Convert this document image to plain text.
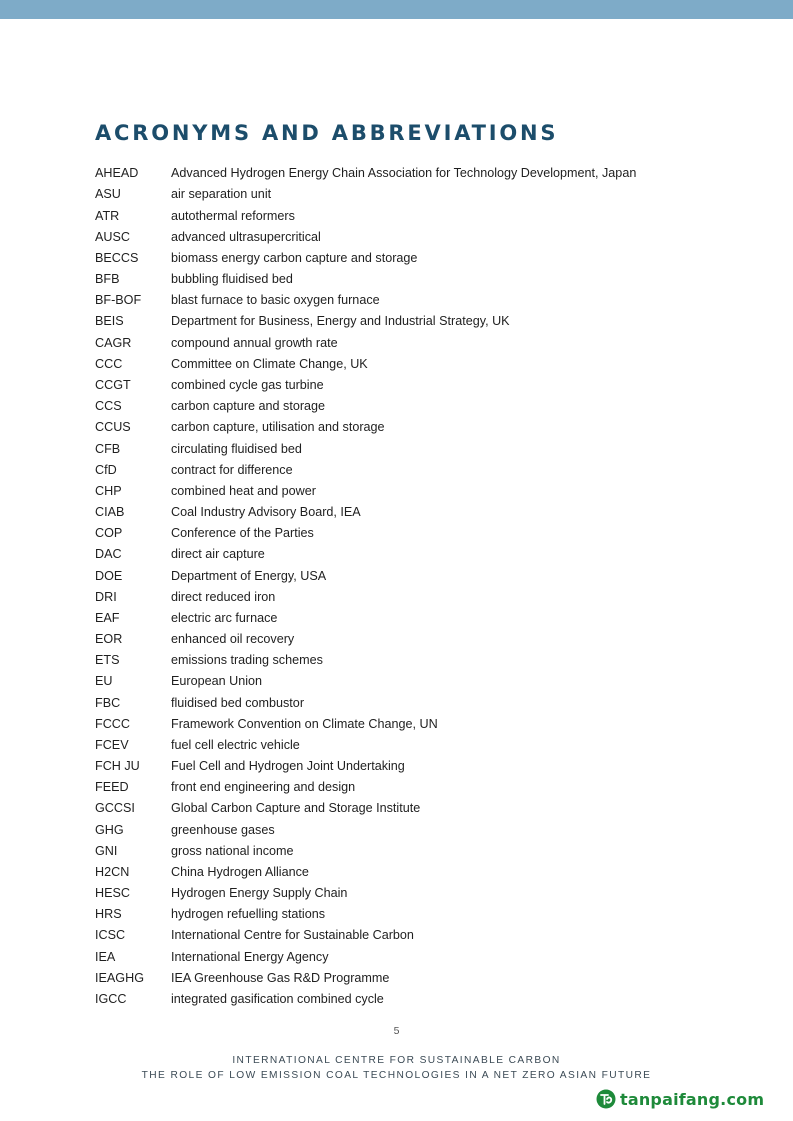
ACRONYMS AND ABBREVIATIONS
AHEAD	Advanced Hydrogen Energy Chain Association for Technology Development, Japan
ASU	air separation unit
ATR	autothermal reformers
AUSC	advanced ultrasupercritical
BECCS	biomass energy carbon capture and storage
BFB	bubbling fluidised bed
BF-BOF	blast furnace to basic oxygen furnace
BEIS	Department for Business, Energy and Industrial Strategy, UK
CAGR	compound annual growth rate
CCC	Committee on Climate Change, UK
CCGT	combined cycle gas turbine
CCS	carbon capture and storage
CCUS	carbon capture, utilisation and storage
CFB	circulating fluidised bed
CfD	contract for difference
CHP	combined heat and power
CIAB	Coal Industry Advisory Board, IEA
COP	Conference of the Parties
DAC	direct air capture
DOE	Department of Energy, USA
DRI	direct reduced iron
EAF	electric arc furnace
EOR	enhanced oil recovery
ETS	emissions trading schemes
EU	European Union
FBC	fluidised bed combustor
FCCC	Framework Convention on Climate Change, UN
FCEV	fuel cell electric vehicle
FCH JU	Fuel Cell and Hydrogen Joint Undertaking
FEED	front end engineering and design
GCCSI	Global Carbon Capture and Storage Institute
GHG	greenhouse gases
GNI	gross national income
H2CN	China Hydrogen Alliance
HESC	Hydrogen Energy Supply Chain
HRS	hydrogen refuelling stations
ICSC	International Centre for Sustainable Carbon
IEA	International Energy Agency
IEAGHG	IEA Greenhouse Gas R&D Programme
IGCC	integrated gasification combined cycle
5
INTERNATIONAL CENTRE FOR SUSTAINABLE CARBON
THE ROLE OF LOW EMISSION COAL TECHNOLOGIES IN A NET ZERO ASIAN FUTURE
tanpaifang.com
